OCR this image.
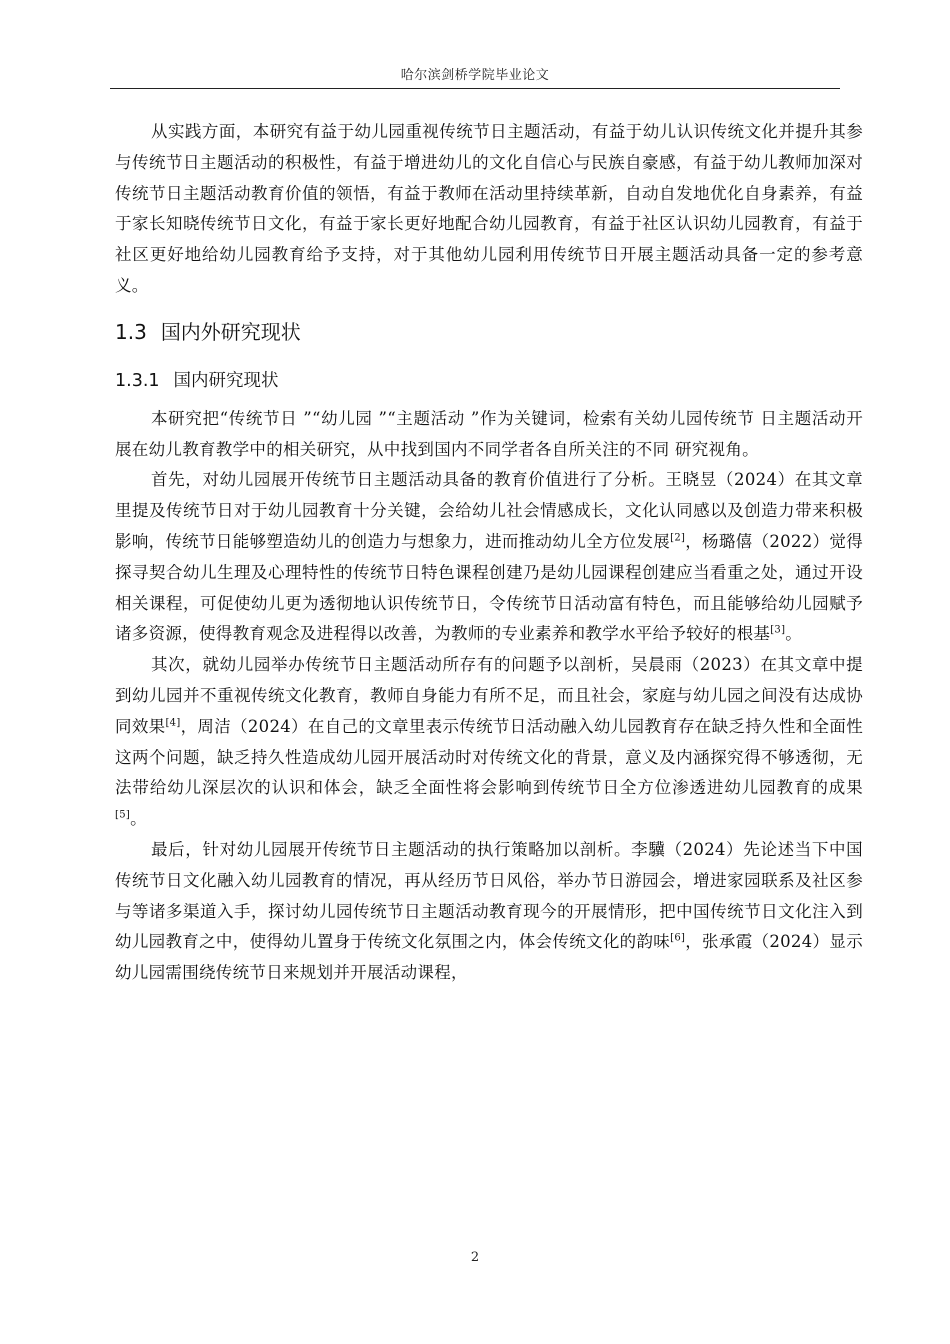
哈尔滨剑桥学院毕业论文

从实践方面，本研究有益于幼儿园重视传统节日主题活动，有益于幼儿认识传统文化并提升其参与传统节日主题活动的积极性，有益于增进幼儿的文化自信心与民族自豪感，有益于幼儿教师加深对传统节日主题活动教育价值的领悟，有益于教师在活动里持续革新，自动自发地优化自身素养，有益于家长知晓传统节日文化，有益于家长更好地配合幼儿园教育，有益于社区认识幼儿园教育，有益于社区更好地给幼儿园教育给予支持，对于其他幼儿园利用传统节日开展主题活动具备一定的参考意义。

1.3 国内外研究现状
1.3.1 国内研究现状

本研究把“传统节日 ”“幼儿园 ”“主题活动 ”作为关键词，检索有关幼儿园传统节 日主题活动开展在幼儿教育教学中的相关研究，从中找到国内不同学者各自所关注的不同 研究视角。

首先，对幼儿园展开传统节日主题活动具备的教育价值进行了分析。王晓昱（2024）在其文章里提及传统节日对于幼儿园教育十分关键，会给幼儿社会情感成长，文化认同感以及创造力带来积极影响，传统节日能够塑造幼儿的创造力与想象力，进而推动幼儿全方位发展[2]，杨璐僖（2022）觉得探寻契合幼儿生理及心理特性的传统节日特色课程创建乃是幼儿园课程创建应当看重之处，通过开设相关课程，可促使幼儿更为透彻地认识传统节日，令传统节日活动富有特色，而且能够给幼儿园赋予诸多资源，使得教育观念及进程得以改善，为教师的专业素养和教学水平给予较好的根基[3]。

其次，就幼儿园举办传统节日主题活动所存有的问题予以剖析，吴晨雨（2023）在其文章中提到幼儿园并不重视传统文化教育，教师自身能力有所不足，而且社会，家庭与幼儿园之间没有达成协同效果[4]，周洁（2024）在自己的文章里表示传统节日活动融入幼儿园教育存在缺乏持久性和全面性这两个问题，缺乏持久性造成幼儿园开展活动时对传统文化的背景，意义及内涵探究得不够透彻，无法带给幼儿深层次的认识和体会，缺乏全面性将会影响到传统节日全方位渗透进幼儿园教育的成果[5]。

最后，针对幼儿园展开传统节日主题活动的执行策略加以剖析。李驥（2024）先论述当下中国传统节日文化融入幼儿园教育的情况，再从经历节日风俗，举办节日游园会，增进家园联系及社区参与等诸多渠道入手，探讨幼儿园传统节日主题活动教育现今的开展情形，把中国传统节日文化注入到幼儿园教育之中，使得幼儿置身于传统文化氛围之内，体会传统文化的韵味[6]，张承霞（2024）显示幼儿园需围绕传统节日来规划并开展活动课程，

2
